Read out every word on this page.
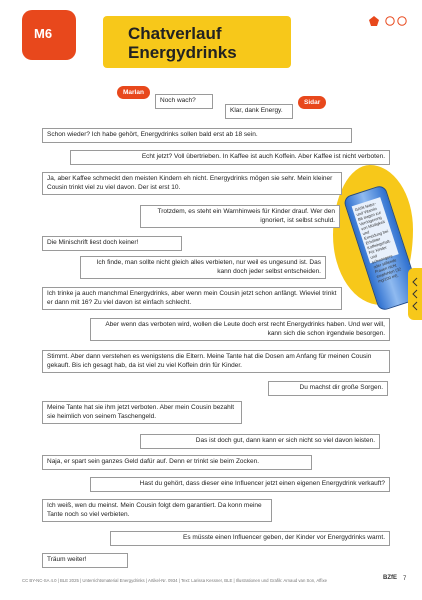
M6	Chatverlauf
Energydrinks
GAIN Natur- und Vitamin B6 tragen zur Verringerung von Müdigkeit und Ermüdung bei. Erhöhter Koffeingehalt. Für Kinder und schwangere oder stillende Frauen nicht empfohlen (32 mg/100 ml).
Marlan
Sidar
Noch wach?
Klar, dank Energy.
Schon wieder? Ich habe gehört, Energydrinks sollen bald erst ab 18 sein.
Echt jetzt? Voll übertrieben. In Kaffee ist auch Koffein. Aber Kaffee ist nicht verboten.
Ja, aber Kaffee schmeckt den meisten Kindern eh nicht. Energydrinks mögen sie sehr. Mein kleiner Cousin trinkt viel zu viel davon. Der ist erst 10.
Trotzdem, es steht ein Warnhinweis für Kinder drauf. Wer den ignoriert, ist selbst schuld.
Die Minischrift liest doch keiner!
Ich finde, man sollte nicht gleich alles verbieten, nur weil es ungesund ist. Das kann doch jeder selbst entscheiden.
Ich trinke ja auch manchmal Energydrinks, aber wenn mein Cousin jetzt schon anfängt. Wieviel trinkt er dann mit 16? Zu viel davon ist einfach schlecht.
Aber wenn das verboten wird, wollen die Leute doch erst recht Energydrinks haben. Und wer will, kann sich die schon irgendwie besorgen.
Stimmt. Aber dann verstehen es wenigstens die Eltern. Meine Tante hat die Dosen am Anfang für meinen Cousin gekauft. Bis ich gesagt hab, da ist viel zu viel Koffein drin für Kinder.
Du machst dir große Sorgen.
Meine Tante hat sie ihm jetzt verboten. Aber mein Cousin bezahlt sie heimlich von seinem Taschengeld.
Das ist doch gut, dann kann er sich nicht so viel davon leisten.
Naja, er spart sein ganzes Geld dafür auf. Denn er trinkt sie beim Zocken.
Hast du gehört, dass dieser eine Influencer jetzt einen eigenen Energydrink verkauft?
Ich weiß, wen du meinst. Mein Cousin folgt dem garantiert. Da konn meine Tante noch so viel verbieten.
Es müsste einen Influencer geben, der Kinder vor Energydrinks warnt.
Träum weiter!
CC BY-NC-SA 4.0 | BLE 2025 | Unterrichtsmaterial Energydrinks | Artikel-Nr. 0934 | Text: Larissa Kessner, BLE | Illustrationen und Grafik: Arnaud van Son, Affixe	BZfE 7
